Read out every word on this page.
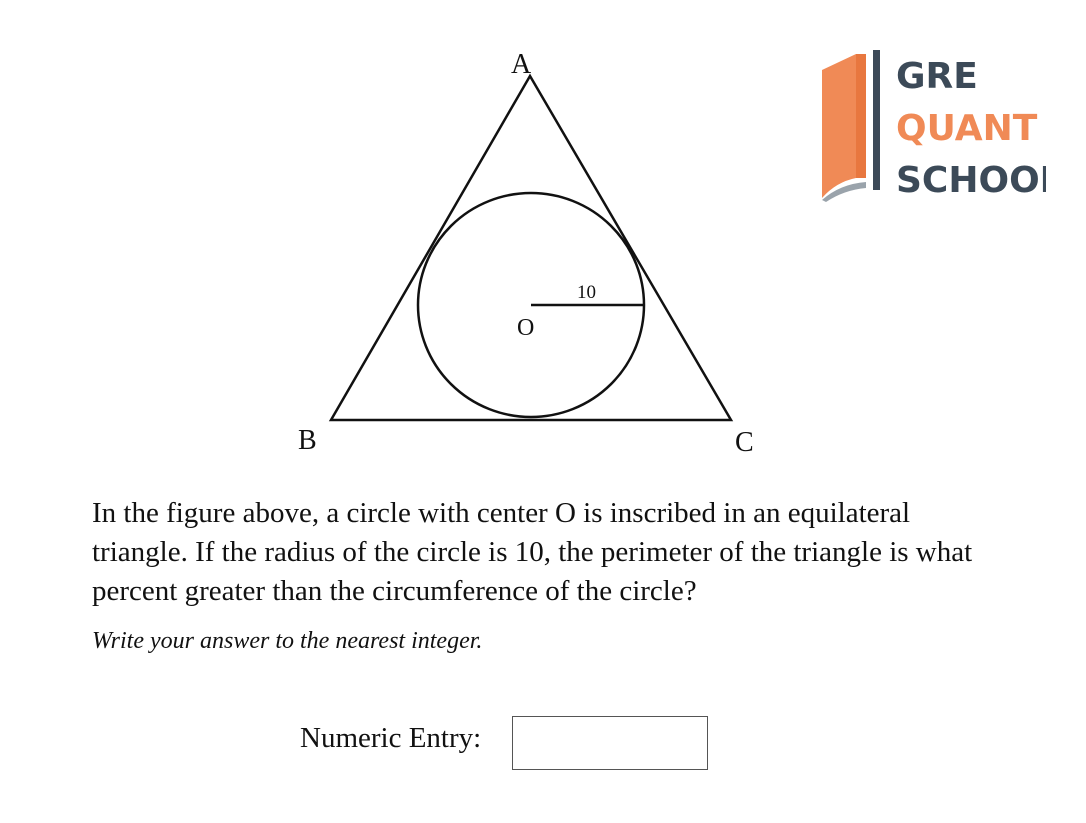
A
B	C
O
10
GRE
QUANT
SCHOOL

In the figure above, a circle with center O is inscribed in an equilateral triangle. If the radius of the circle is 10, the perimeter of the triangle is what percent greater than the circumference of the circle?

Write your answer to the nearest integer.

Numeric Entry:
